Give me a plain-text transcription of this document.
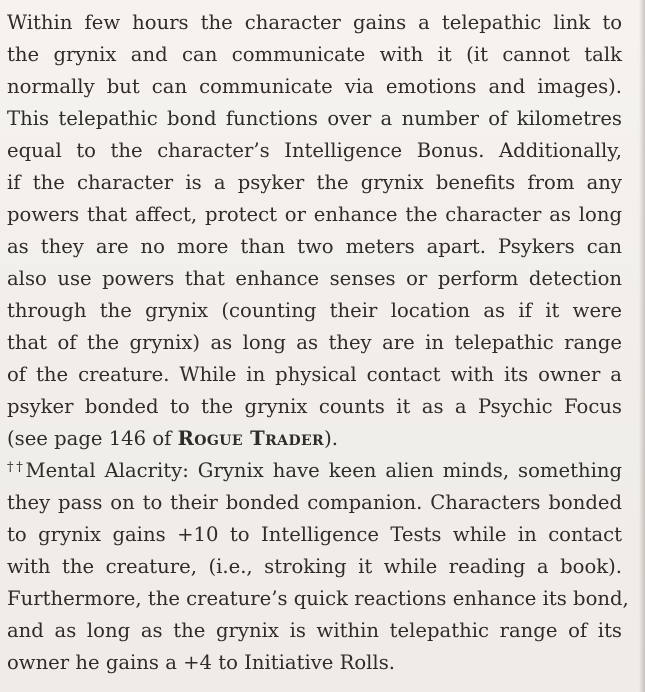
Within few hours the character gains a telepathic link to
the grynix and can communicate with it (it cannot talk
normally but can communicate via emotions and images).
This telepathic bond functions over a number of kilometres
equal to the character’s Intelligence Bonus. Additionally,
if the character is a psyker the grynix benefits from any
powers that affect, protect or enhance the character as long
as they are no more than two meters apart. Psykers can
also use powers that enhance senses or perform detection
through the grynix (counting their location as if it were
that of the grynix) as long as they are in telepathic range
of the creature. While in physical contact with its owner a
psyker bonded to the grynix counts it as a Psychic Focus
(see page 146 of Rogue Trader).
††Mental Alacrity: Grynix have keen alien minds, something
they pass on to their bonded companion. Characters bonded
to grynix gains +10 to Intelligence Tests while in contact
with the creature, (i.e., stroking it while reading a book).
Furthermore, the creature’s quick reactions enhance its bond,
and as long as the grynix is within telepathic range of its
owner he gains a +4 to Initiative Rolls.
